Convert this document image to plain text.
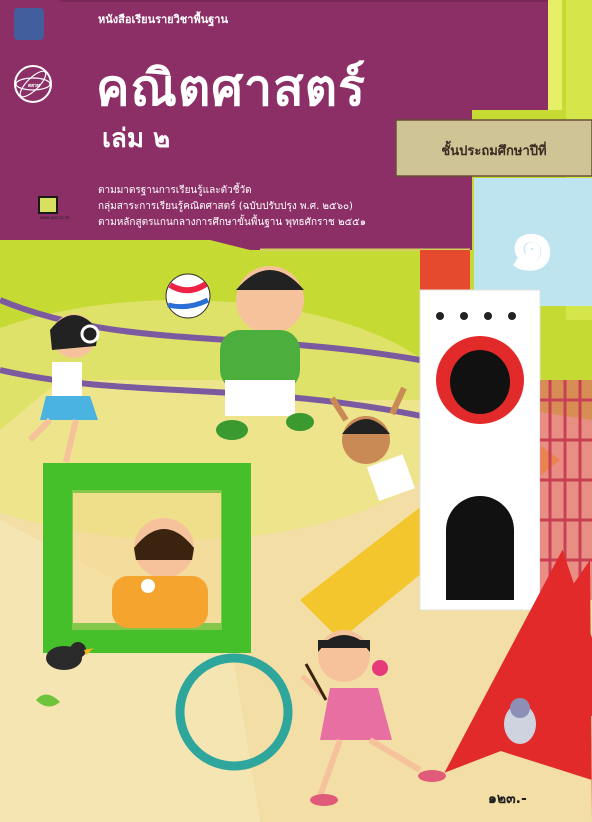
หนังสือเรียนรายวิชาพื้นฐาน
คณิตศาสตร์
เล่ม ๒	ชั้นประถมศึกษาปีที่
ตามมาตรฐานการเรียนรู้และตัวชี้วัด
กลุ่มสาระการเรียนรู้คณิตศาสตร์ (ฉบับปรับปรุง พ.ศ. ๒๕๖๐)
ตามหลักสูตรแกนกลางการศึกษาขั้นพื้นฐาน พุทธศักราช ๒๕๕๑	๑
๑๒๓.-
www.ipst.ac.th
สสวท
